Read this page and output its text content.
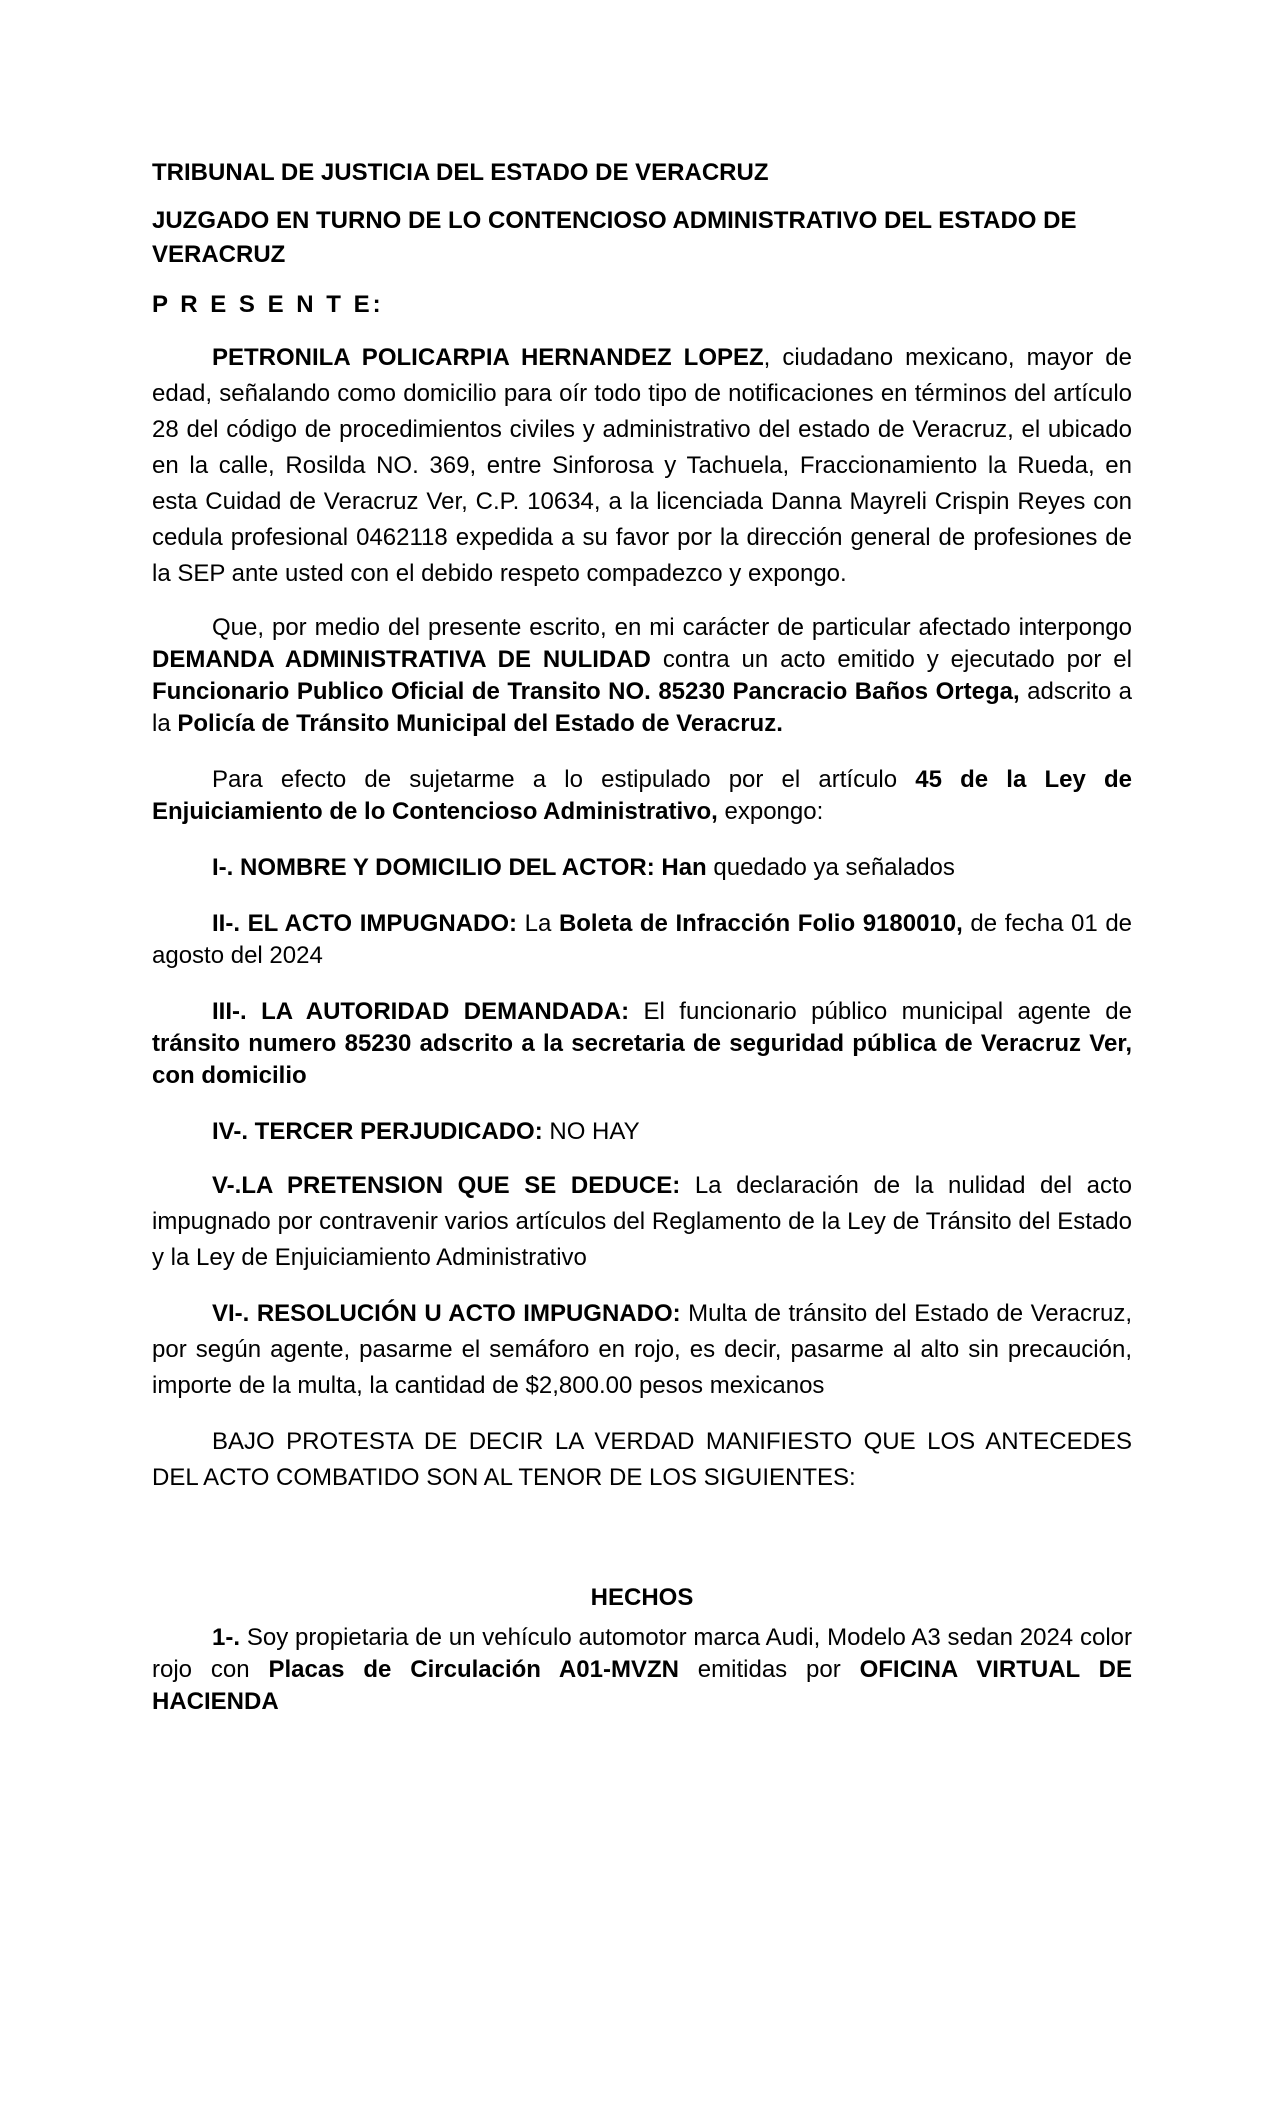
TRIBUNAL DE JUSTICIA DEL ESTADO DE VERACRUZ

JUZGADO EN TURNO DE LO CONTENCIOSO ADMINISTRATIVO DEL ESTADO DE VERACRUZ

P R E S E N T E:

PETRONILA POLICARPIA HERNANDEZ LOPEZ, ciudadano mexicano, mayor de edad, señalando como domicilio para oír todo tipo de notificaciones en términos del artículo 28 del código de procedimientos civiles y administrativo del estado de Veracruz, el ubicado en la calle, Rosilda NO. 369, entre Sinforosa y Tachuela, Fraccionamiento la Rueda, en esta Cuidad de Veracruz Ver, C.P. 10634, a la licenciada Danna Mayreli Crispin Reyes con cedula profesional 0462118 expedida a su favor por la dirección general de profesiones de la SEP ante usted con el debido respeto compadezco y expongo.

Que, por medio del presente escrito, en mi carácter de particular afectado interpongo DEMANDA ADMINISTRATIVA DE NULIDAD contra un acto emitido y ejecutado por el Funcionario Publico Oficial de Transito NO. 85230 Pancracio Baños Ortega, adscrito a la Policía de Tránsito Municipal del Estado de Veracruz.

Para efecto de sujetarme a lo estipulado por el artículo 45 de la Ley de Enjuiciamiento de lo Contencioso Administrativo, expongo:

I-. NOMBRE Y DOMICILIO DEL ACTOR: Han quedado ya señalados

II-. EL ACTO IMPUGNADO: La Boleta de Infracción Folio 9180010, de fecha 01 de agosto del 2024

III-. LA AUTORIDAD DEMANDADA: El funcionario público municipal agente de tránsito numero 85230 adscrito a la secretaria de seguridad pública de Veracruz Ver, con domicilio

IV-. TERCER PERJUDICADO: NO HAY

V-.LA PRETENSION QUE SE DEDUCE: La declaración de la nulidad del acto impugnado por contravenir varios artículos del Reglamento de la Ley de Tránsito del Estado y la Ley de Enjuiciamiento Administrativo

VI-. RESOLUCIÓN U ACTO IMPUGNADO: Multa de tránsito del Estado de Veracruz, por según agente, pasarme el semáforo en rojo, es decir, pasarme al alto sin precaución, importe de la multa, la cantidad de $2,800.00 pesos mexicanos

BAJO PROTESTA DE DECIR LA VERDAD MANIFIESTO QUE LOS ANTECEDES DEL ACTO COMBATIDO SON AL TENOR DE LOS SIGUIENTES:

HECHOS

1-. Soy propietaria de un vehículo automotor marca Audi, Modelo A3 sedan 2024 color rojo con Placas de Circulación A01-MVZN emitidas por OFICINA VIRTUAL DE HACIENDA
